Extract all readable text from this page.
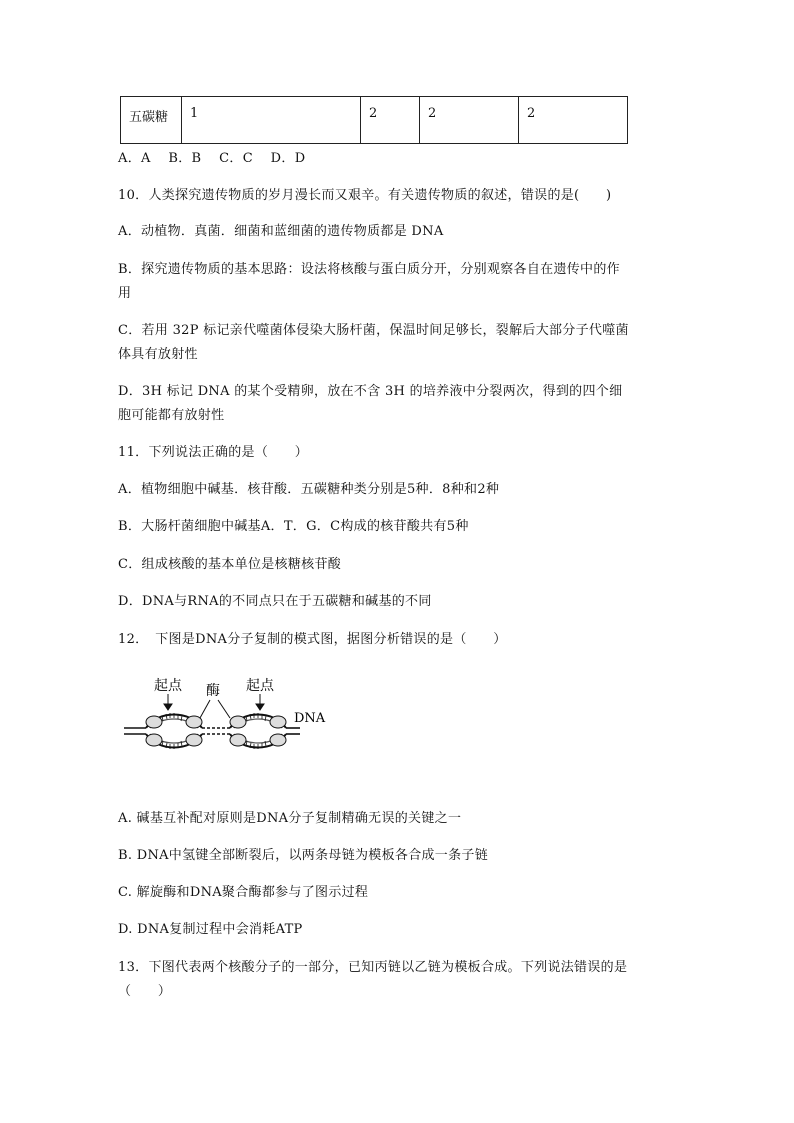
五碳糖	1	2	2	2
A．A　 B．B　 C．C　 D．D
10．人类探究遗传物质的岁月漫长而又艰辛。有关遗传物质的叙述，错误的是(　　)
A．动植物．真菌．细菌和蓝细菌的遗传物质都是 DNA
B．探究遗传物质的基本思路：设法将核酸与蛋白质分开，分别观察各自在遗传中的作
用
C．若用 32P 标记亲代噬菌体侵染大肠杆菌，保温时间足够长，裂解后大部分子代噬菌
体具有放射性
D．3H 标记 DNA 的某个受精卵，放在不含 3H 的培养液中分裂两次，得到的四个细
胞可能都有放射性
11．下列说法正确的是（　　）
A．植物细胞中碱基．核苷酸．五碳糖种类分别是5种．8种和2种
B．大肠杆菌细胞中碱基A．T．G．C构成的核苷酸共有5种
C．组成核酸的基本单位是核糖核苷酸
D．DNA与RNA的不同点只在于五碳糖和碱基的不同
12．　下图是DNA分子复制的模式图，据图分析错误的是（　　）
起点 酶 起点
DNA
A. 碱基互补配对原则是DNA分子复制精确无误的关键之一
B. DNA中氢键全部断裂后，以两条母链为模板各合成一条子链
C. 解旋酶和DNA聚合酶都参与了图示过程
D. DNA复制过程中会消耗ATP
13．下图代表两个核酸分子的一部分，已知丙链以乙链为模板合成。下列说法错误的是
（　　）
